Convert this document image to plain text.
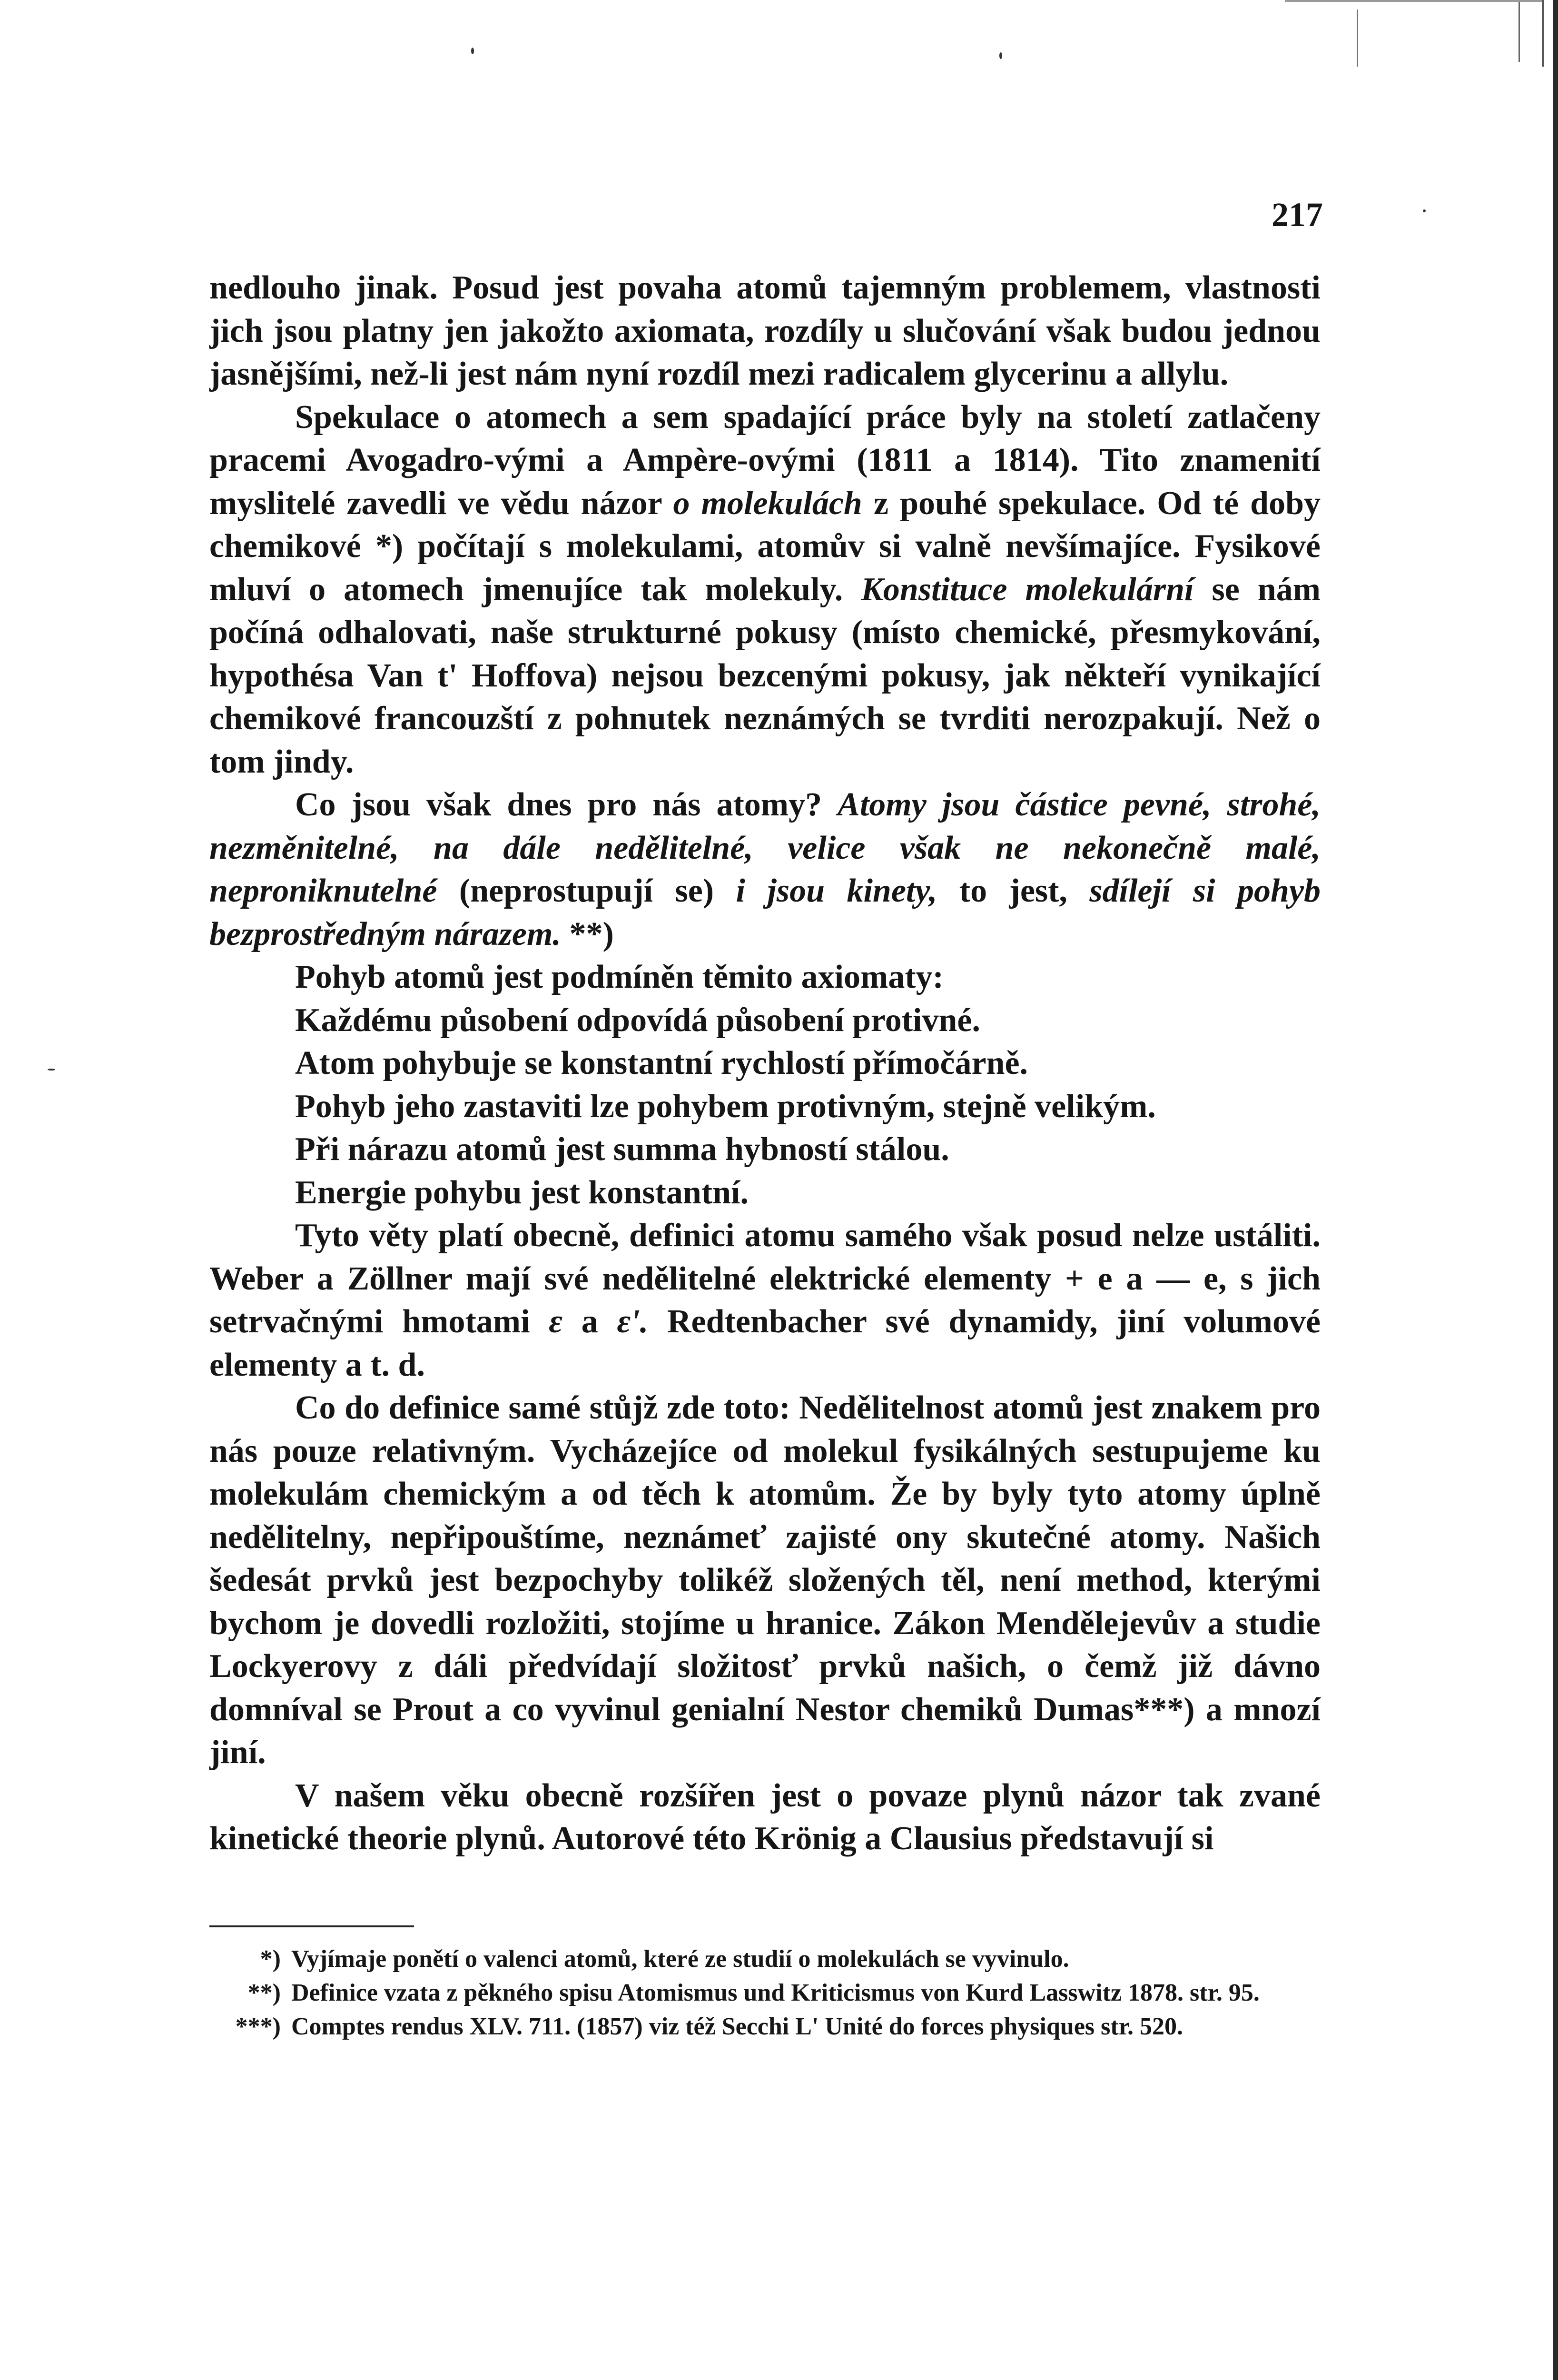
217

nedlouho jinak. Posud jest povaha atomů tajemným problemem, vlastnosti jich jsou platny jen jakožto axiomata, rozdíly u slučování však budou jednou jasnějšími, než-li jest nám nyní rozdíl mezi radicalem glycerinu a allylu.

Spekulace o atomech a sem spadající práce byly na století zatlačeny pracemi Avogadro-vými a Ampère-ovými (1811 a 1814). Tito znamenití myslitelé zavedli ve vědu názor o molekulách z pouhé spekulace. Od té doby chemikové *) počítají s molekulami, atomův si valně nevšímajíce. Fysikové mluví o atomech jmenujíce tak molekuly. Konstituce molekulární se nám počíná odhalovati, naše strukturné pokusy (místo chemické, přesmykování, hypothésa Van t' Hoffova) nejsou bezcenými pokusy, jak někteří vynikající chemikové francouzští z pohnutek neznámých se tvrditi nerozpakují. Než o tom jindy.

Co jsou však dnes pro nás atomy? Atomy jsou částice pevné, strohé, nezměnitelné, na dále nedělitelné, velice však ne nekonečně malé, neproniknutelné (neprostupují se) i jsou kinety, to jest, sdílejí si pohyb bezprostředným nárazem. **)

Pohyb atomů jest podmíněn těmito axiomaty:

Každému působení odpovídá působení protivné.

Atom pohybuje se konstantní rychlostí přímočárně.

Pohyb jeho zastaviti lze pohybem protivným, stejně velikým.

Při nárazu atomů jest summa hybností stálou.

Energie pohybu jest konstantní.

Tyto věty platí obecně, definici atomu samého však posud nelze ustáliti. Weber a Zöllner mají své nedělitelné elektrické elementy + e a — e, s jich setrvačnými hmotami ε a ε'. Redtenbacher své dynamidy, jiní volumové elementy a t. d.

Co do definice samé stůjž zde toto: Nedělitelnost atomů jest znakem pro nás pouze relativným. Vycházejíce od molekul fysikálných sestupujeme ku molekulám chemickým a od těch k atomům. Že by byly tyto atomy úplně nedělitelny, nepřipouštíme, neznámeť zajisté ony skutečné atomy. Našich šedesát prvků jest bezpochyby tolikéž složených těl, není method, kterými bychom je dovedli rozložiti, stojíme u hranice. Zákon Mendělejevův a studie Lockyerovy z dáli předvídají složitosť prvků našich, o čemž již dávno domníval se Prout a co vyvinul genialní Nestor chemiků Dumas***) a mnozí jiní.

V našem věku obecně rozšířen jest o povaze plynů názor tak zvané kinetické theorie plynů. Autorové této Krönig a Clausius představují si

*) Vyjímaje ponětí o valenci atomů, které ze studií o molekulách se vyvinulo.
**) Definice vzata z pěkného spisu Atomismus und Kriticismus von Kurd Lasswitz 1878. str. 95.
***) Comptes rendus XLV. 711. (1857) viz též Secchi L' Unité do forces physiques str. 520.
